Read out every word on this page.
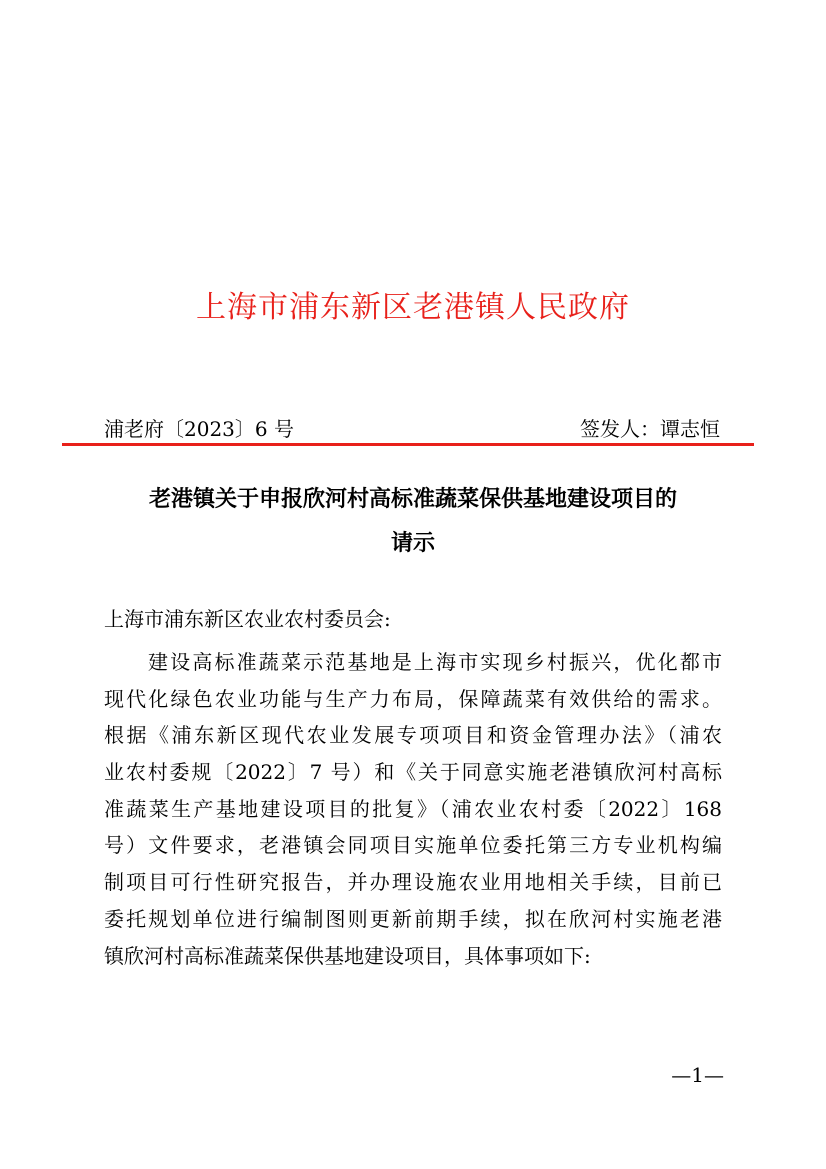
上海市浦东新区老港镇人民政府
浦老府〔2023〕6 号	签发人：谭志恒
老港镇关于申报欣河村高标准蔬菜保供基地建设项目的
请示
上海市浦东新区农业农村委员会:
建设高标准蔬菜示范基地是上海市实现乡村振兴，优化都市
现代化绿色农业功能与生产力布局，保障蔬菜有效供给的需求。
根据《浦东新区现代农业发展专项项目和资金管理办法》（浦农
业农村委规〔2022〕7 号）和《关于同意实施老港镇欣河村高标
准蔬菜生产基地建设项目的批复》（浦农业农村委〔2022〕168
号）文件要求，老港镇会同项目实施单位委托第三方专业机构编
制项目可行性研究报告，并办理设施农业用地相关手续，目前已
委托规划单位进行编制图则更新前期手续，拟在欣河村实施老港
镇欣河村高标准蔬菜保供基地建设项目，具体事项如下:
—1—
